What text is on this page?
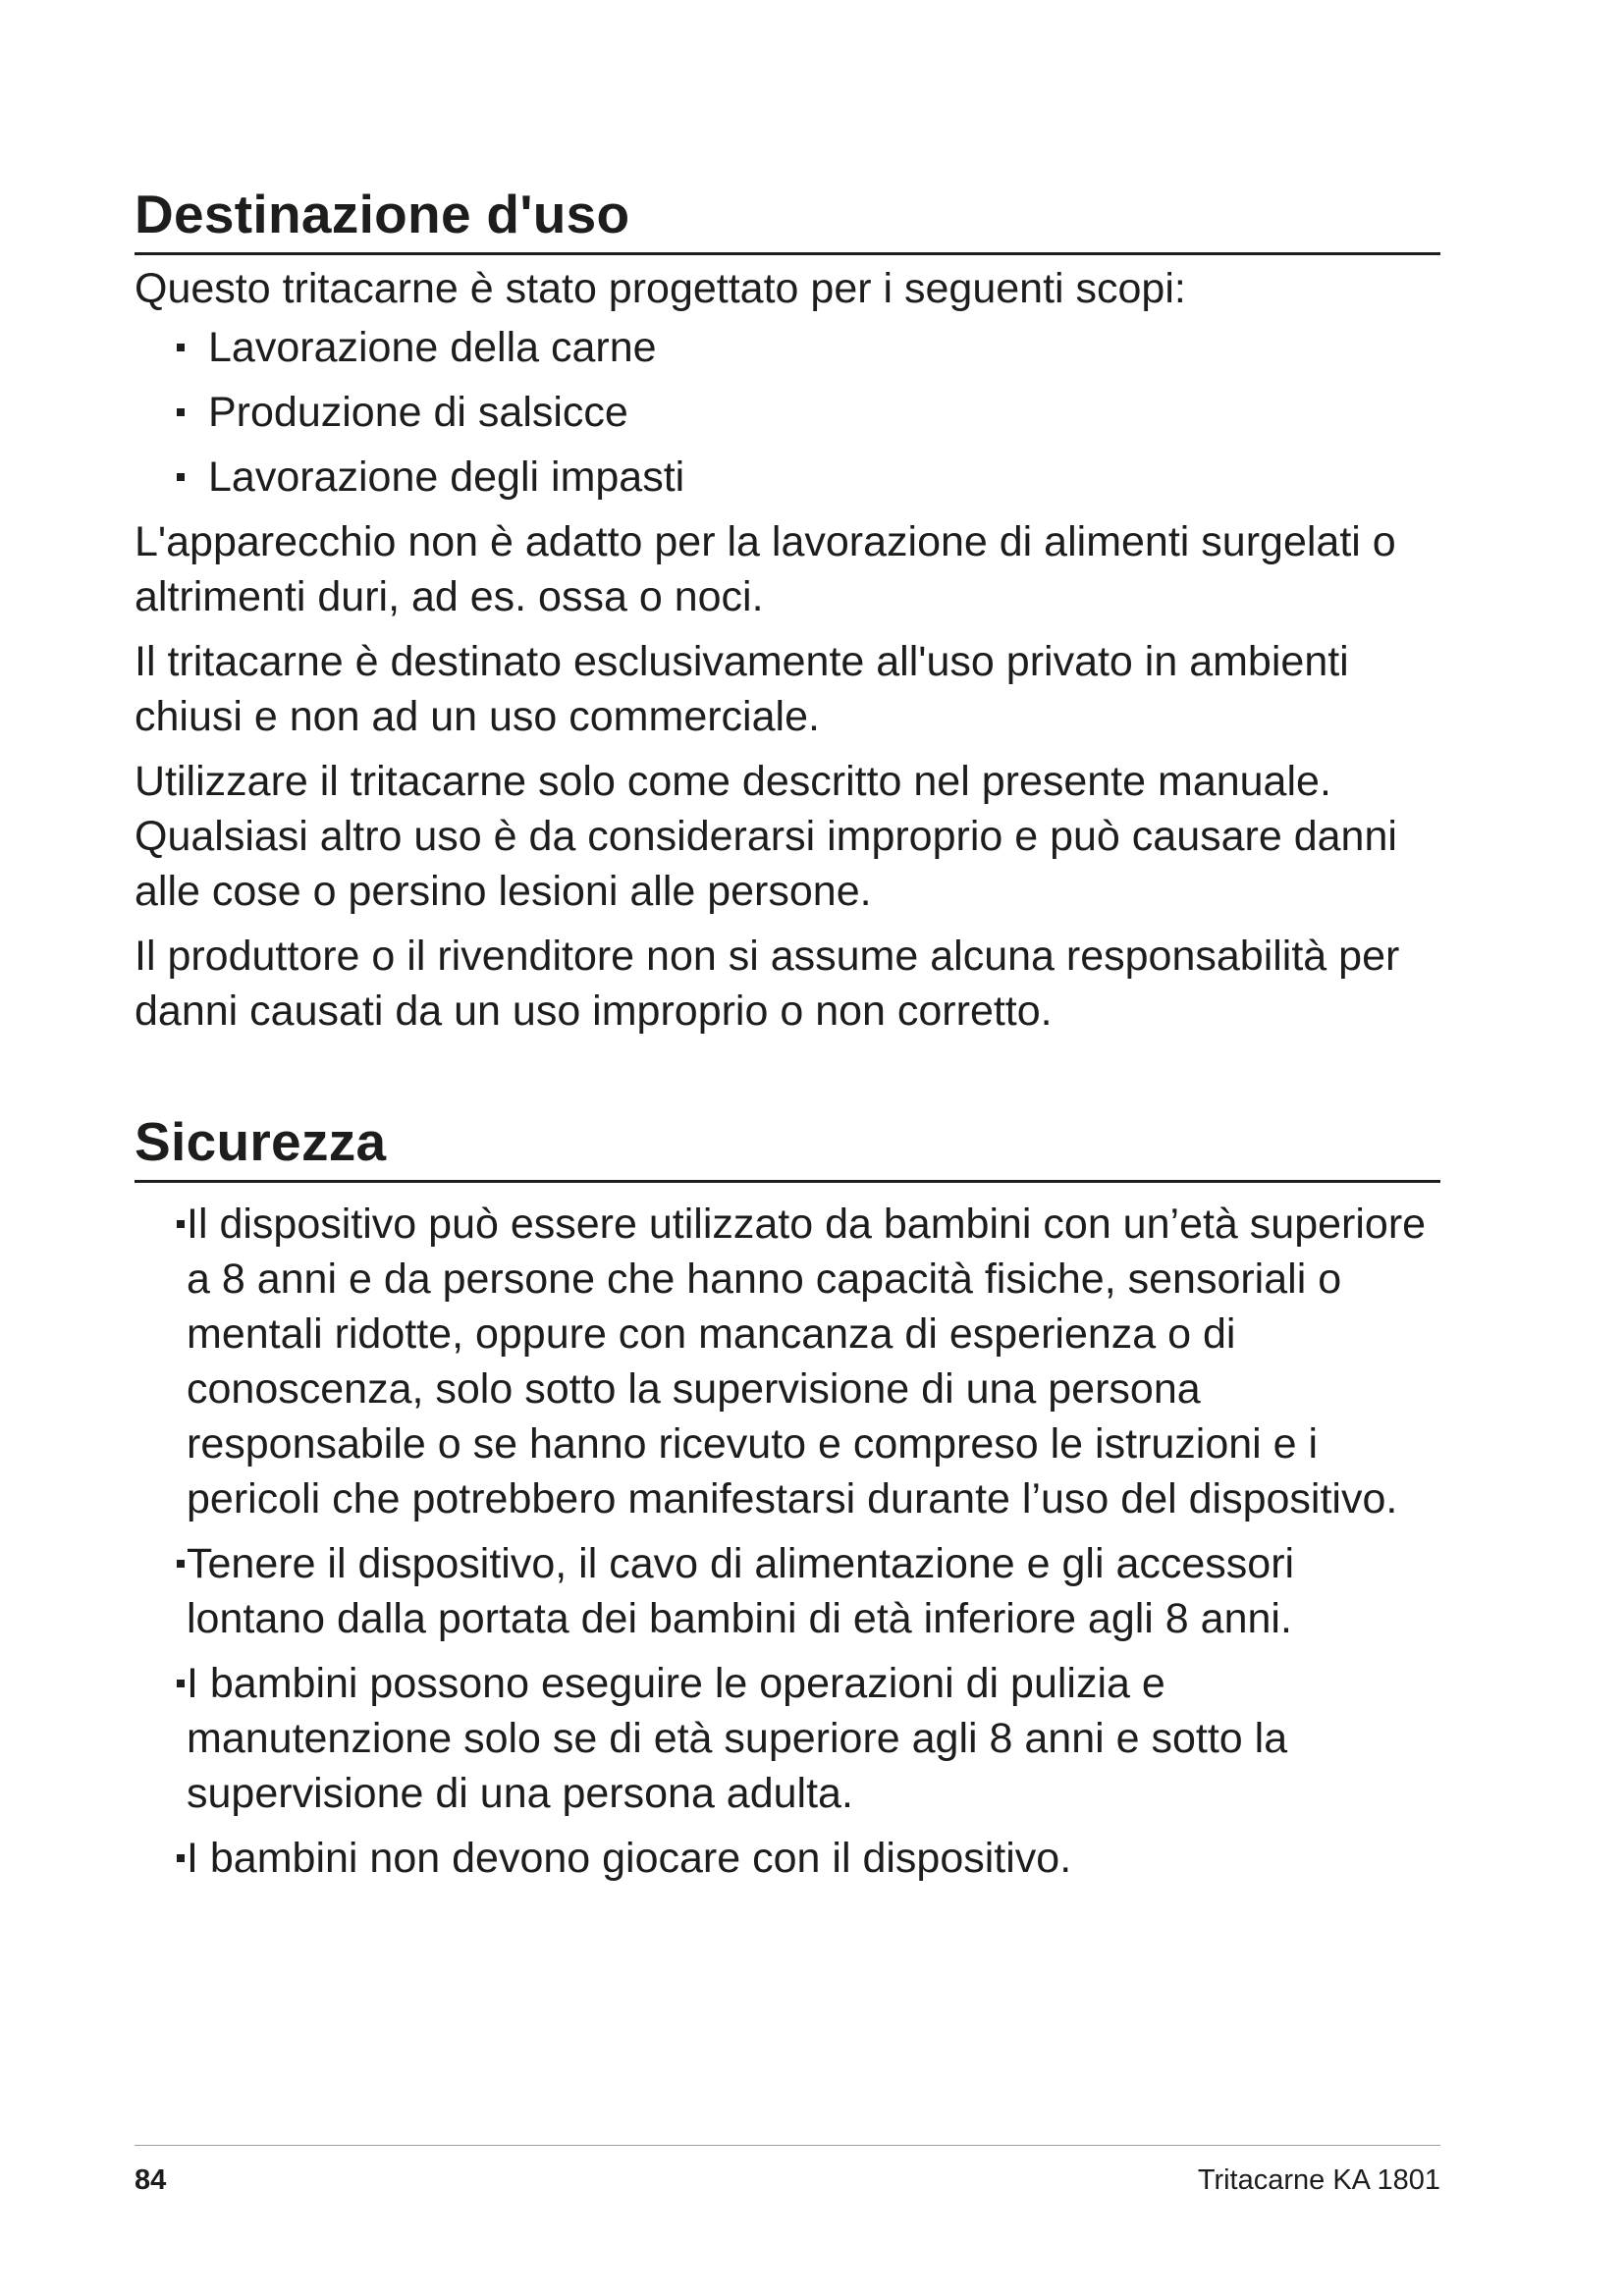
Destinazione d'uso

Questo tritacarne è stato progettato per i seguenti scopi:

Lavorazione della carne
Produzione di salsicce
Lavorazione degli impasti

L'apparecchio non è adatto per la lavorazione di alimenti surgelati o altrimenti duri, ad es. ossa o noci.

Il tritacarne è destinato esclusivamente all'uso privato in ambienti chiusi e non ad un uso commerciale.

Utilizzare il tritacarne solo come descritto nel presente manuale. Qualsiasi altro uso è da considerarsi improprio e può causare danni alle cose o persino lesioni alle persone.

Il produttore o il rivenditore non si assume alcuna responsabilità per danni causati da un uso improprio o non corretto.

Sicurezza
Il dispositivo può essere utilizzato da bambini con un’età superiore a 8 anni e da persone che hanno capacità fisiche, sensoriali o mentali ridotte, oppure con mancanza di esperienza o di conoscenza, solo sotto la supervisione di una persona responsabile o se hanno ricevuto e compreso le istruzioni e i pericoli che potrebbero manifestarsi durante l’uso del dispositivo.
Tenere il dispositivo, il cavo di alimentazione e gli accessori lontano dalla portata dei bambini di età inferiore agli 8 anni.
I bambini possono eseguire le operazioni di pulizia e manutenzione solo se di età superiore agli 8 anni e sotto la supervisione di una persona adulta.
I bambini non devono giocare con il dispositivo.
84	Tritacarne KA 1801
